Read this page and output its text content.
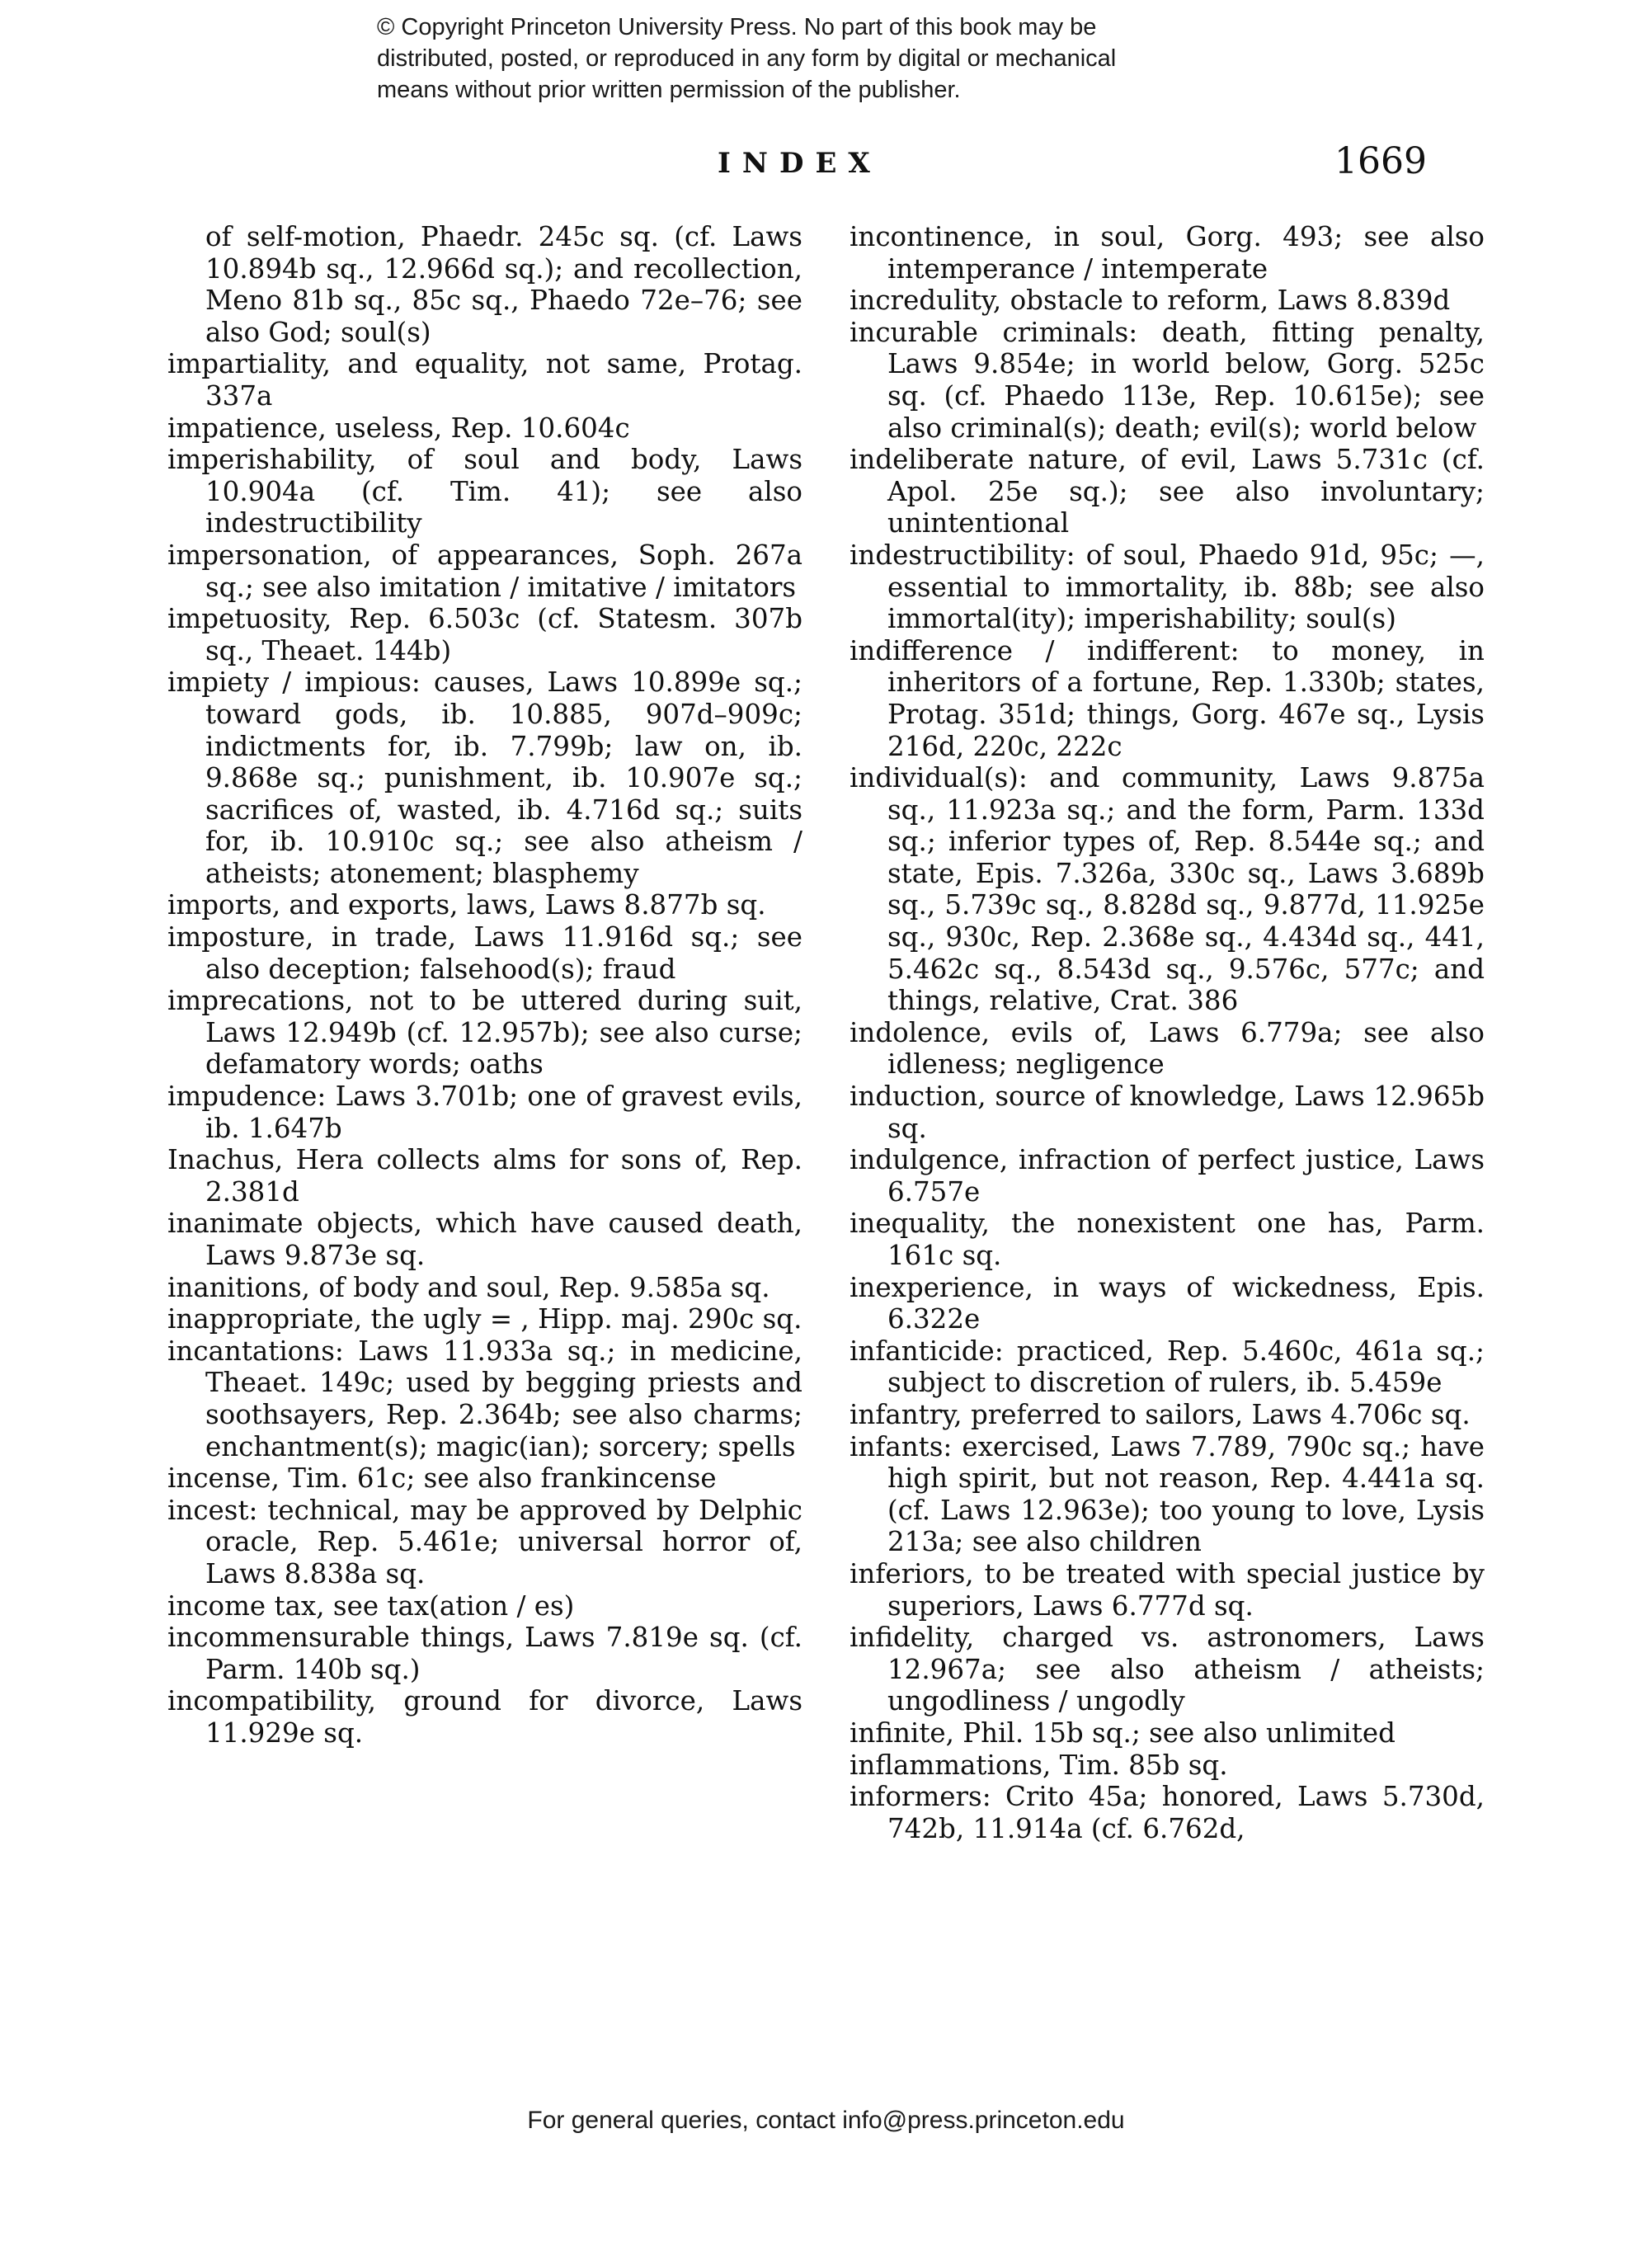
© Copyright Princeton University Press. No part of this book may be
distributed, posted, or reproduced in any form by digital or mechanical
means without prior written permission of the publisher.
INDEX	1669

of self-motion, Phaedr. 245c sq. (cf. Laws 10.894b sq., 12.966d sq.); and recollection, Meno 81b sq., 85c sq., Phaedo 72e–76; see also God; soul(s)

impartiality, and equality, not same, Protag. 337a

impatience, useless, Rep. 10.604c

imperishability, of soul and body, Laws 10.904a (cf. Tim. 41); see also indestructibility

impersonation, of appearances, Soph. 267a sq.; see also imitation / imitative / imitators

impetuosity, Rep. 6.503c (cf. Statesm. 307b sq., Theaet. 144b)

impiety / impious: causes, Laws 10.899e sq.; toward gods, ib. 10.885, 907d–909c; indictments for, ib. 7.799b; law on, ib. 9.868e sq.; punishment, ib. 10.907e sq.; sacrifices of, wasted, ib. 4.716d sq.; suits for, ib. 10.910c sq.; see also atheism / atheists; atonement; blasphemy

imports, and exports, laws, Laws 8.877b sq.

imposture, in trade, Laws 11.916d sq.; see also deception; falsehood(s); fraud

imprecations, not to be uttered during suit, Laws 12.949b (cf. 12.957b); see also curse; defamatory words; oaths

impudence: Laws 3.701b; one of gravest evils, ib. 1.647b

Inachus, Hera collects alms for sons of, Rep. 2.381d

inanimate objects, which have caused death, Laws 9.873e sq.

inanitions, of body and soul, Rep. 9.585a sq.

inappropriate, the ugly = , Hipp. maj. 290c sq.

incantations: Laws 11.933a sq.; in medicine, Theaet. 149c; used by begging priests and soothsayers, Rep. 2.364b; see also charms; enchantment(s); magic(ian); sorcery; spells

incense, Tim. 61c; see also frankincense

incest: technical, may be approved by Delphic oracle, Rep. 5.461e; universal horror of, Laws 8.838a sq.

income tax, see tax(ation / es)

incommensurable things, Laws 7.819e sq. (cf. Parm. 140b sq.)

incompatibility, ground for divorce, Laws 11.929e sq.

incontinence, in soul, Gorg. 493; see also intemperance / intemperate

incredulity, obstacle to reform, Laws 8.839d

incurable criminals: death, fitting penalty, Laws 9.854e; in world below, Gorg. 525c sq. (cf. Phaedo 113e, Rep. 10.615e); see also criminal(s); death; evil(s); world below

indeliberate nature, of evil, Laws 5.731c (cf. Apol. 25e sq.); see also involuntary; unintentional

indestructibility: of soul, Phaedo 91d, 95c; —, essential to immortality, ib. 88b; see also immortal(ity); imperishability; soul(s)

indifference / indifferent: to money, in inheritors of a fortune, Rep. 1.330b; states, Protag. 351d; things, Gorg. 467e sq., Lysis 216d, 220c, 222c

individual(s): and community, Laws 9.875a sq., 11.923a sq.; and the form, Parm. 133d sq.; inferior types of, Rep. 8.544e sq.; and state, Epis. 7.326a, 330c sq., Laws 3.689b sq., 5.739c sq., 8.828d sq., 9.877d, 11.925e sq., 930c, Rep. 2.368e sq., 4.434d sq., 441, 5.462c sq., 8.543d sq., 9.576c, 577c; and things, relative, Crat. 386

indolence, evils of, Laws 6.779a; see also idleness; negligence

induction, source of knowledge, Laws 12.965b sq.

indulgence, infraction of perfect justice, Laws 6.757e

inequality, the nonexistent one has, Parm. 161c sq.

inexperience, in ways of wickedness, Epis. 6.322e

infanticide: practiced, Rep. 5.460c, 461a sq.; subject to discretion of rulers, ib. 5.459e

infantry, preferred to sailors, Laws 4.706c sq.

infants: exercised, Laws 7.789, 790c sq.; have high spirit, but not reason, Rep. 4.441a sq. (cf. Laws 12.963e); too young to love, Lysis 213a; see also children

inferiors, to be treated with special justice by superiors, Laws 6.777d sq.

infidelity, charged vs. astronomers, Laws 12.967a; see also atheism / atheists; ungodliness / ungodly

infinite, Phil. 15b sq.; see also unlimited

inflammations, Tim. 85b sq.

informers: Crito 45a; honored, Laws 5.730d, 742b, 11.914a (cf. 6.762d,

For general queries, contact info@press.princeton.edu
